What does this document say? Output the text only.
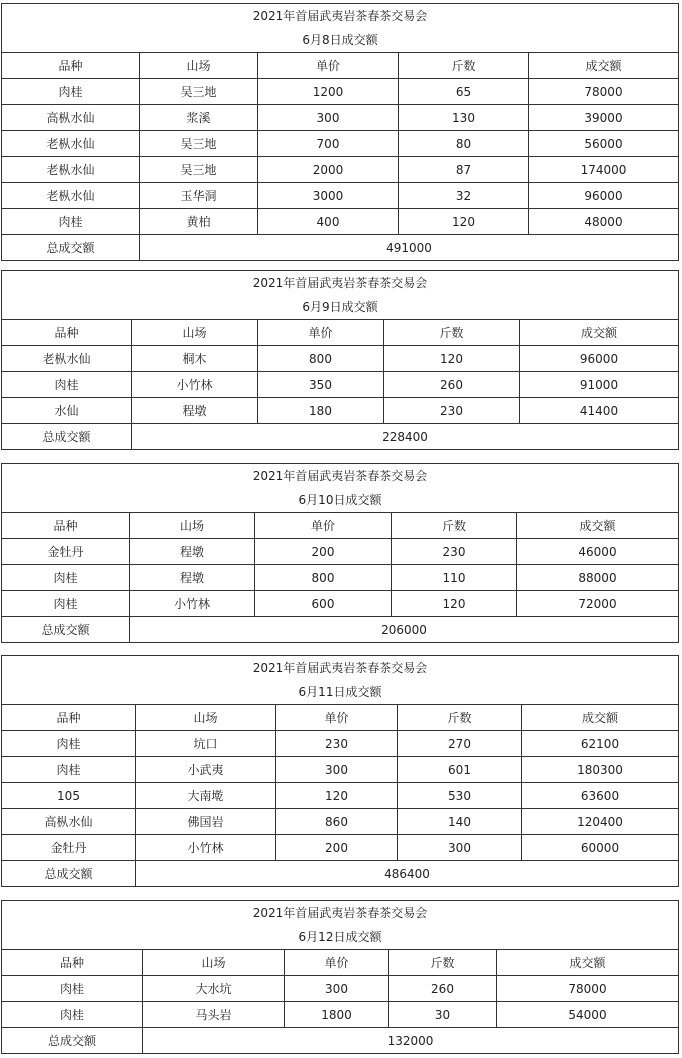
2021年首届武夷岩茶春茶交易会				
6月8日成交额				
品种	山场	单价	斤数	成交额
肉桂	吴三地	1200	65	78000
高枞水仙	浆溪	300	130	39000
老枞水仙	吴三地	700	80	56000
老枞水仙	吴三地	2000	87	174000
老枞水仙	玉华洞	3000	32	96000
肉桂	黄柏	400	120	48000
总成交额	491000			
2021年首届武夷岩茶春茶交易会				
6月9日成交额				
品种	山场	单价	斤数	成交额
老枞水仙	桐木	800	120	96000
肉桂	小竹林	350	260	91000
水仙	程墩	180	230	41400
总成交额	228400			
2021年首届武夷岩茶春茶交易会				
6月10日成交额				
品种	山场	单价	斤数	成交额
金牡丹	程墩	200	230	46000
肉桂	程墩	800	110	88000
肉桂	小竹林	600	120	72000
总成交额	206000			
2021年首届武夷岩茶春茶交易会				
6月11日成交额				
品种	山场	单价	斤数	成交额
肉桂	坑口	230	270	62100
肉桂	小武夷	300	601	180300
105	大南墘	120	530	63600
高枞水仙	佛国岩	860	140	120400
金牡丹	小竹林	200	300	60000
总成交额	486400			
2021年首届武夷岩茶春茶交易会				
6月12日成交额				
品种	山场	单价	斤数	成交额
肉桂	大水坑	300	260	78000
肉桂	马头岩	1800	30	54000
总成交额	132000			
